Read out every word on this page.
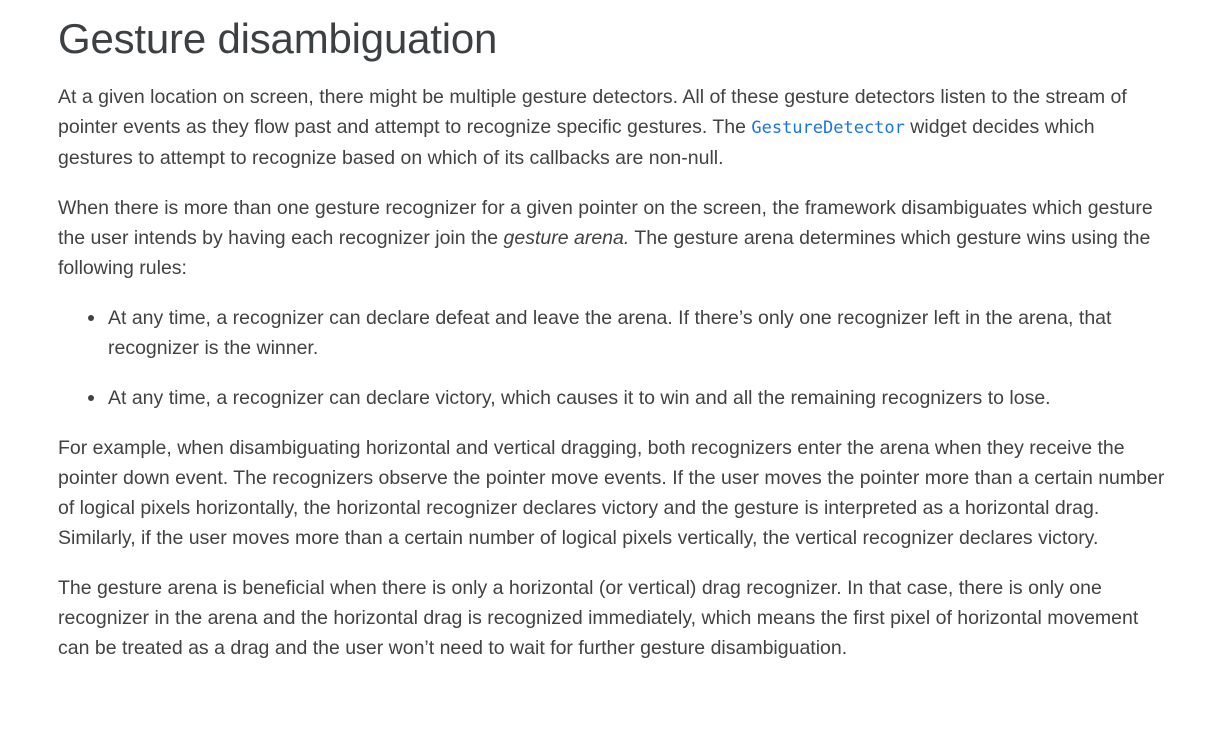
Gesture disambiguation

At a given location on screen, there might be multiple gesture detectors. All of these gesture detectors listen to the stream of pointer events as they flow past and attempt to recognize specific gestures. The GestureDetector widget decides which gestures to attempt to recognize based on which of its callbacks are non-null.

When there is more than one gesture recognizer for a given pointer on the screen, the framework disambiguates which gesture the user intends by having each recognizer join the gesture arena. The gesture arena determines which gesture wins using the following rules:

At any time, a recognizer can declare defeat and leave the arena. If there’s only one recognizer left in the arena, that recognizer is the winner.
At any time, a recognizer can declare victory, which causes it to win and all the remaining recognizers to lose.

For example, when disambiguating horizontal and vertical dragging, both recognizers enter the arena when they receive the pointer down event. The recognizers observe the pointer move events. If the user moves the pointer more than a certain number of logical pixels horizontally, the horizontal recognizer declares victory and the gesture is interpreted as a horizontal drag. Similarly, if the user moves more than a certain number of logical pixels vertically, the vertical recognizer declares victory.

The gesture arena is beneficial when there is only a horizontal (or vertical) drag recognizer. In that case, there is only one recognizer in the arena and the horizontal drag is recognized immediately, which means the first pixel of horizontal movement can be treated as a drag and the user won’t need to wait for further gesture disambiguation.
